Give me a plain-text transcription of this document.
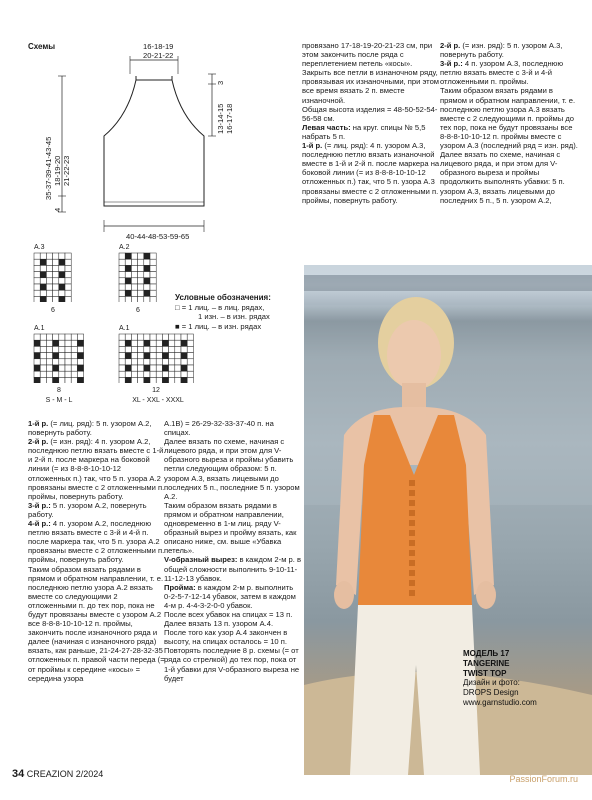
Схемы	16-18-19
20-21-22
40-44-48-53-59-65
35-37-39-41-43-45 18-19-20 21-22-23
4
3
13-14-15 16-17-18
A.3	A.2
A.1	A.1
6	6
8
S - M - L
12
XL - XXL - XXXL
Условные обозначения:
□ = 1 лиц. – в лиц. рядах,
1 изн. – в изн. рядах
■ = 1 лиц. – в изн. рядах

1-й р. (= лиц. ряд): 5 п. узором А.2, повернуть работу.

2-й р. (= изн. ряд): 4 п. узором А.2, последнюю петлю вязать вместе с 1-й и 2-й п. после маркера на боковой линии (= из 8-8-8-10-10-12 отложенных п.) так, что 5 п. узора А.2 провязаны вместе с 2 отложенными п. проймы, повернуть работу.

3-й р.: 5 п. узором А.2, повернуть работу.

4-й р.: 4 п. узором А.2, последнюю петлю вязать вместе с 3-й и 4-й п. после маркера так, что 5 п. узора А.2 провязаны вместе с 2 отложенными п. проймы, повернуть работу.

Таким образом вязать рядами в прямом и обратном направлении, т. е. последнюю петлю узора А.2 вязать вместе со следующими 2 отложенными п. до тех пор, пока не будут провязаны вместе с узором А.2 все 8-8-8-10-10-12 п. проймы, закончить после изнаночного ряда и далее (начиная с изнаночного ряда) вязать, как раньше, 21-24-27-28-32-35 отложенных п. правой части переда (= от проймы к середине «косы» = середина узора

А.1В) = 26-29-32-33-37-40 п. на спицах.

Далее вязать по схеме, начиная с лицевого ряда, и при этом для V-образного выреза и проймы убавить петли следующим образом: 5 п. узором А.3, вязать лицевыми до последних 5 п., последние 5 п. узором А.2.

Таким образом вязать рядами в прямом и обратном направлении, одновременно в 1-м лиц. ряду V-образный вырез и пройму вязать, как описано ниже, см. выше «Убавка петель».

V-образный вырез: в каждом 2-м р. в общей сложности выполнить 9-10-11-11-12-13 убавок.

Пройма: в каждом 2-м р. выполнить 0-2-5-7-12-14 убавок, затем в каждом 4-м р. 4-4-3-2-0-0 убавок.

После всех убавок на спицах = 13 п.

Далее вязать 13 п. узором А.4.

После того как узор А.4 закончен в высоту, на спицах осталось = 10 п. Повторять последние 8 р. схемы (= от ряда со стрелкой) до тех пор, пока от 1-й убавки для V-образного выреза не будет

провязано 17-18-19-20-21-23 см, при этом закончить после ряда с переплетением петель «косы».

Закрыть все петли в изнаночном ряду, провязывая их изнаночными, при этом все время вязать 2 п. вместе изнаночной.

Общая высота изделия = 48-50-52-54-56-58 см.

Левая часть: на круг. спицы № 5,5 набрать 5 п.

1-й р. (= лиц. ряд): 4 п. узором А.3, последнюю петлю вязать изнаночной вместе в 1-й и 2-й п. после маркера на боковой линии (= из 8-8-8-10-10-12 отложенных п.) так, что 5 п. узора А.3 провязаны вместе с 2 отложенными п. проймы, повернуть работу.

2-й р. (= изн. ряд): 5 п. узором А.3, повернуть работу.

3-й р.: 4 п. узором А.3, последнюю петлю вязать вместе с 3-й и 4-й отложенными п. проймы.

Таким образом вязать рядами в прямом и обратном направлении, т. е. последнюю петлю узора А.3 вязать вместе с 2 следующими п. проймы до тех пор, пока не будут провязаны все 8-8-8-10-10-12 п. проймы вместе с узором А.3 (последний ряд = изн. ряд). Далее вязать по схеме, начиная с лицевого ряда, и при этом для V-образного выреза и проймы продолжить выполнять убавки: 5 п. узором А.3, вязать лицевыми до последних 5 п., 5 п. узором А.2,

МОДЕЛЬ 17
TANGERINE
TWIST TOP
Дизайн и фото:
DROPS Design
www.garnstudio.com
34 CREAZION 2/2024	PassionForum.ru
